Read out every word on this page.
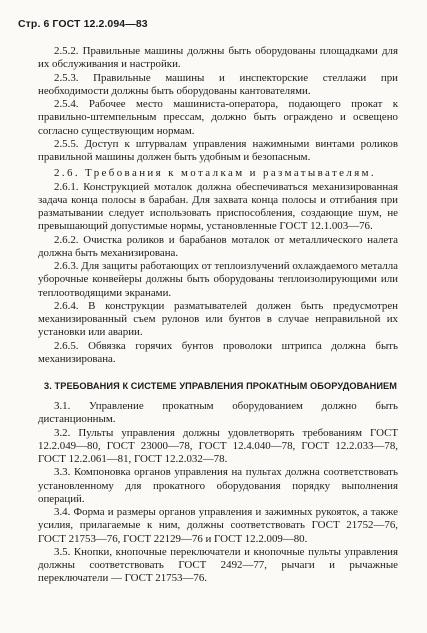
Стр. 6 ГОСТ 12.2.094—83

2.5.2. Правильные машины должны быть оборудованы площадками для их обслуживания и настройки.

2.5.3. Правильные машины и инспекторские стеллажи при необходимости должны быть оборудованы кантователями.

2.5.4. Рабочее место машиниста-оператора, подающего прокат к правильно-штемпельным прессам, должно быть ограждено и освещено согласно существующим нормам.

2.5.5. Доступ к штурвалам управления нажимными винтами роликов правильной машины должен быть удобным и безопасным.

2.6. Требования к моталкам и разматывателям.

2.6.1. Конструкцией моталок должна обеспечиваться механизированная задача конца полосы в барабан. Для захвата конца полосы и отгибания при разматывании следует использовать приспособления, создающие шум, не превышающий допустимые нормы, установленные ГОСТ 12.1.003—76.

2.6.2. Очистка роликов и барабанов моталок от металлического налета должна быть механизирована.

2.6.3. Для защиты работающих от теплоизлучений охлаждаемого металла уборочные конвейеры должны быть оборудованы теплоизолирующими или теплоотводящими экранами.

2.6.4. В конструкции разматывателей должен быть предусмотрен механизированный съем рулонов или бунтов в случае неправильной их установки или аварии.

2.6.5. Обвязка горячих бунтов проволоки штрипса должна быть механизирована.

3. ТРЕБОВАНИЯ К СИСТЕМЕ УПРАВЛЕНИЯ ПРОКАТНЫМ ОБОРУДОВАНИЕМ

3.1. Управление прокатным оборудованием должно быть дистанционным.

3.2. Пульты управления должны удовлетворять требованиям ГОСТ 12.2.049—80, ГОСТ 23000—78, ГОСТ 12.4.040—78, ГОСТ 12.2.033—78, ГОСТ 12.2.061—81, ГОСТ 12.2.032—78.

3.3. Компоновка органов управления на пультах должна соответствовать установленному для прокатного оборудования порядку выполнения операций.

3.4. Форма и размеры органов управления и зажимных рукояток, а также усилия, прилагаемые к ним, должны соответствовать ГОСТ 21752—76, ГОСТ 21753—76, ГОСТ 22129—76 и ГОСТ 12.2.009—80.

3.5. Кнопки, кнопочные переключатели и кнопочные пульты управления должны соответствовать ГОСТ 2492—77, рычаги и рычажные переключатели — ГОСТ 21753—76.
